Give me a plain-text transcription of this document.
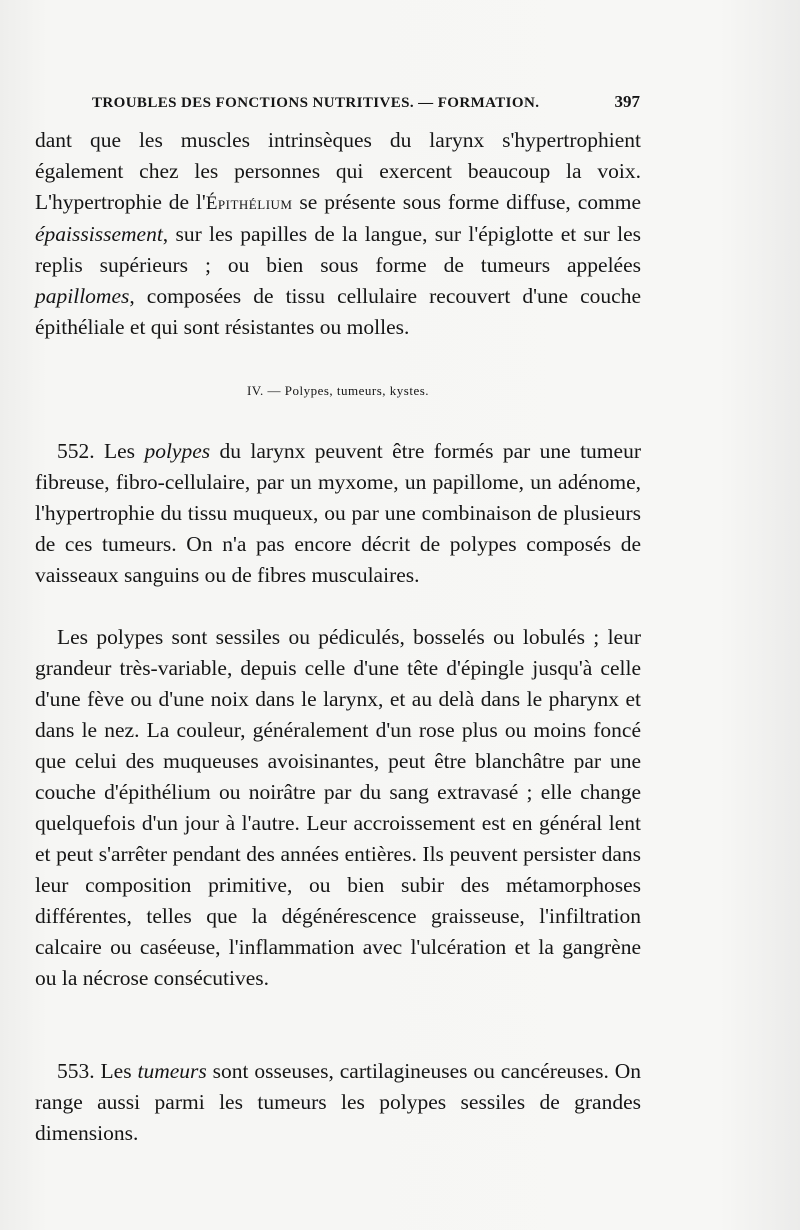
TROUBLES DES FONCTIONS NUTRITIVES. — FORMATION.	397

dant que les muscles intrinsèques du larynx s'hypertrophient également chez les personnes qui exercent beaucoup la voix. L'hypertrophie de l'Épithélium se présente sous forme diffuse, comme épaississement, sur les papilles de la langue, sur l'épiglotte et sur les replis supérieurs ; ou bien sous forme de tumeurs appelées papillomes, composées de tissu cellulaire recouvert d'une couche épithéliale et qui sont résistantes ou molles.

IV. — Polypes, tumeurs, kystes.

552. Les polypes du larynx peuvent être formés par une tumeur fibreuse, fibro-cellulaire, par un myxome, un papillome, un adénome, l'hypertrophie du tissu muqueux, ou par une combinaison de plusieurs de ces tumeurs. On n'a pas encore décrit de polypes composés de vaisseaux sanguins ou de fibres musculaires.

Les polypes sont sessiles ou pédiculés, bosselés ou lobulés ; leur grandeur très-variable, depuis celle d'une tête d'épingle jusqu'à celle d'une fève ou d'une noix dans le larynx, et au delà dans le pharynx et dans le nez. La couleur, généralement d'un rose plus ou moins foncé que celui des muqueuses avoisinantes, peut être blanchâtre par une couche d'épithélium ou noirâtre par du sang extravasé ; elle change quelquefois d'un jour à l'autre. Leur accroissement est en général lent et peut s'arrêter pendant des années entières. Ils peuvent persister dans leur composition primitive, ou bien subir des métamorphoses différentes, telles que la dégénérescence graisseuse, l'infiltration calcaire ou caséeuse, l'inflammation avec l'ulcération et la gangrène ou la nécrose consécutives.

553. Les tumeurs sont osseuses, cartilagineuses ou cancéreuses. On range aussi parmi les tumeurs les polypes sessiles de grandes dimensions.
